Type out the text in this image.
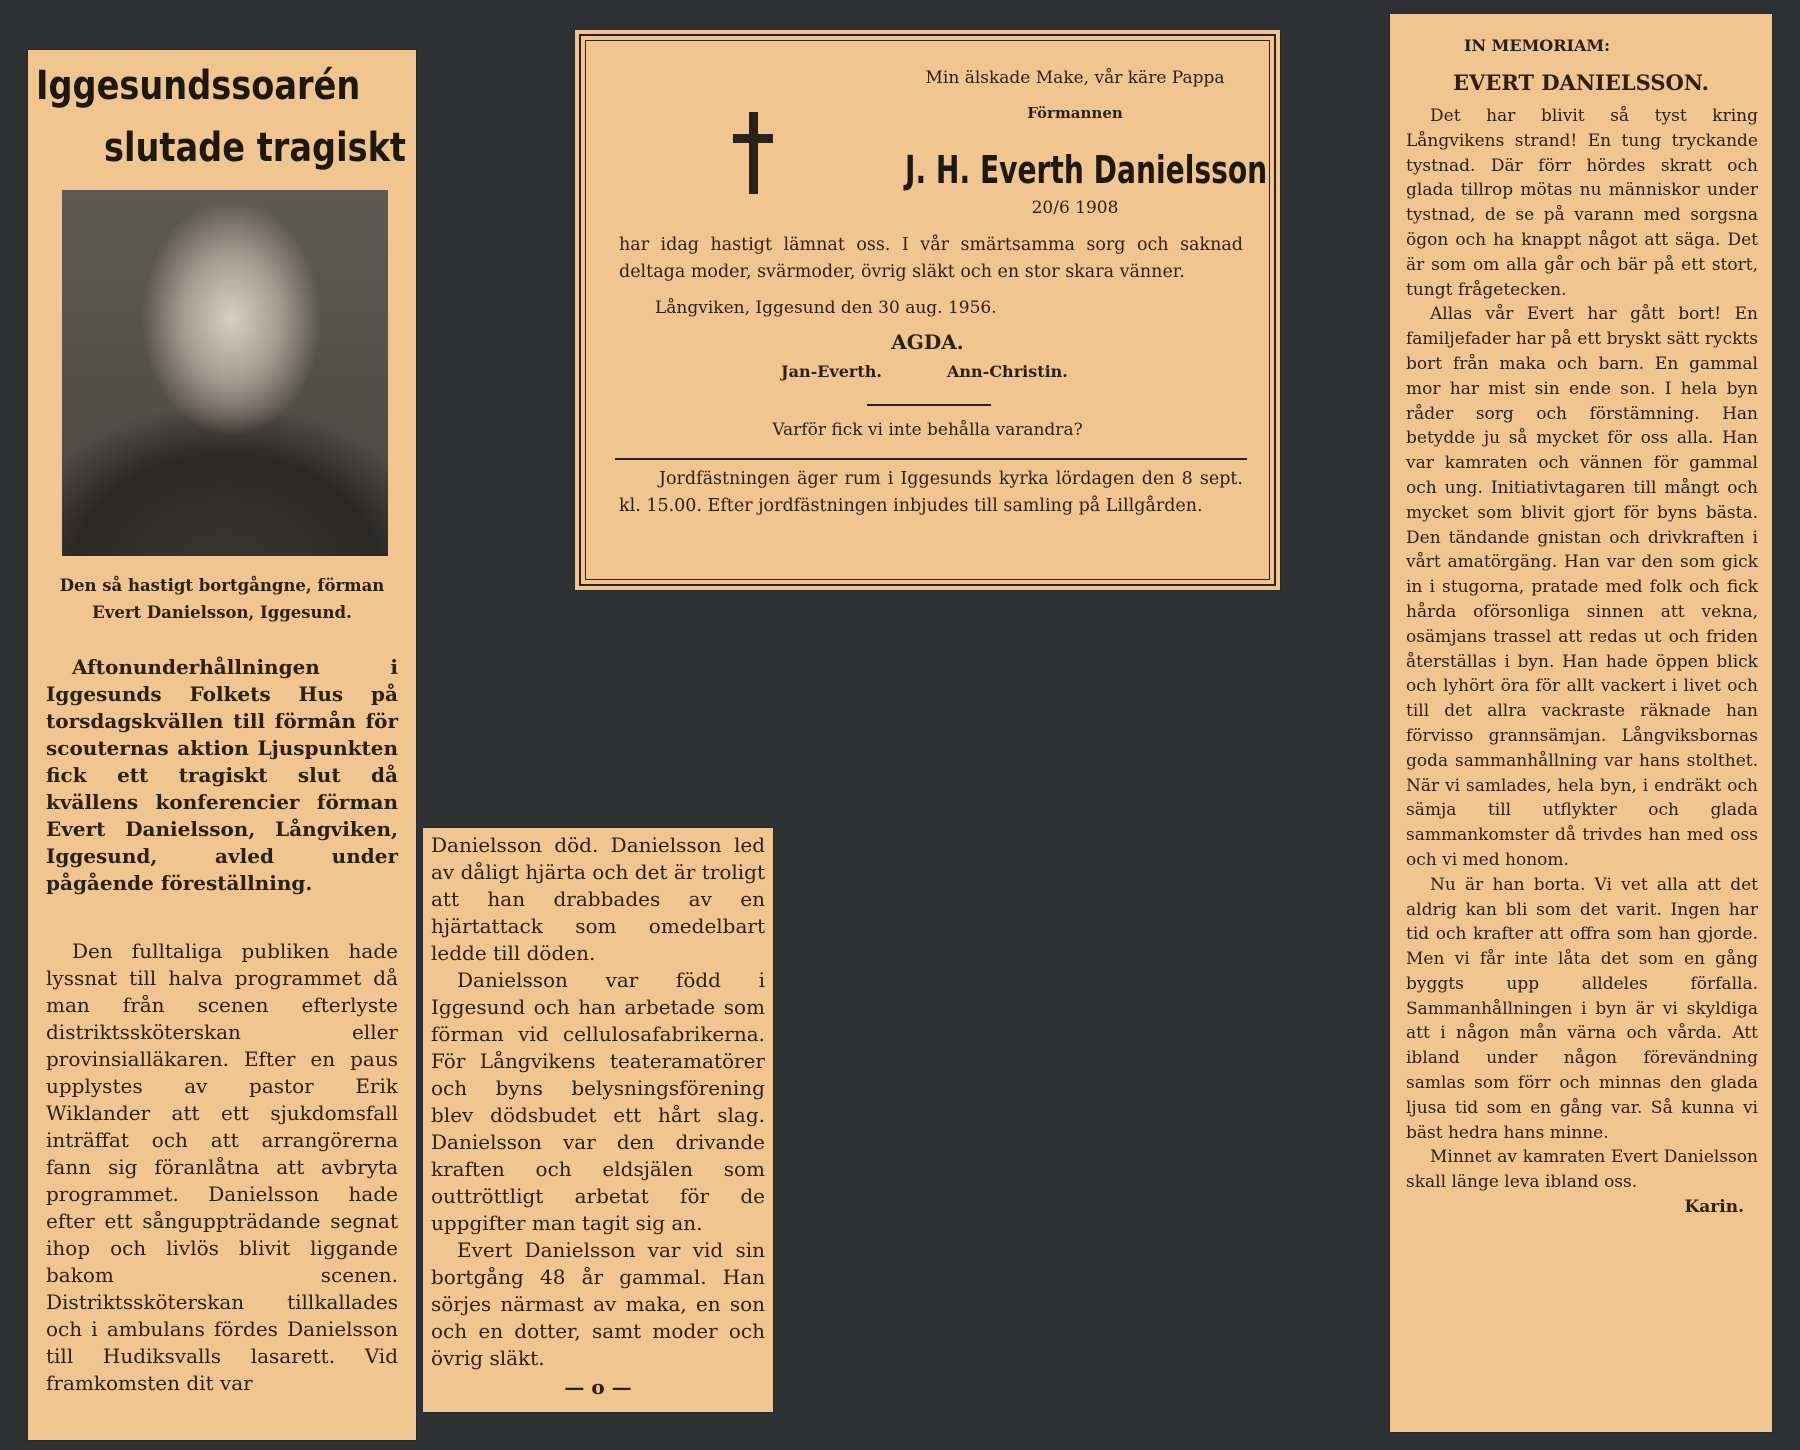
Iggesundssoarén
slutade tragiskt
Den så hastigt bortgångne, förman
Evert Danielsson, Iggesund.
Aftonunderhållningen i Iggesunds Folkets Hus på torsdagskvällen till förmån för scouternas aktion Ljuspunkten fick ett tragiskt slut då kvällens konferencier förman Evert Danielsson, Långviken, Iggesund, avled under pågående föreställning.

Den fulltaliga publiken hade lyssnat till halva programmet då man från scenen efterlyste distriktssköterskan eller provinsialläkaren. Efter en paus upplystes av pastor Erik Wiklander att ett sjukdomsfall inträffat och att arrangörerna fann sig föranlåtna att avbryta programmet. Danielsson hade efter ett sånguppträdande segnat ihop och livlös blivit liggande bakom scenen. Distriktssköterskan tillkallades och i ambulans fördes Danielsson till Hudiksvalls lasarett. Vid framkomsten dit var

Min älskade Make, vår käre Pappa
Förmannen
J. H. Everth Danielsson
20/6 1908
har idag hastigt lämnat oss. I vår smärtsamma sorg och saknad deltaga moder, svärmoder, övrig släkt och en stor skara vänner.
Långviken, Iggesund den 30 aug. 1956.
AGDA.
Jan-Everth.	Ann-Christin.
Varför fick vi inte behålla varandra?
Jordfästningen äger rum i Iggesunds kyrka lördagen den 8 sept. kl. 15.00. Efter jordfästningen inbjudes till samling på Lillgården.

Danielsson död. Danielsson led av dåligt hjärta och det är troligt att han drabbades av en hjärtattack som omedelbart ledde till döden.

Danielsson var född i Iggesund och han arbetade som förman vid cellulosafabrikerna. För Långvikens teateramatörer och byns belysningsförening blev dödsbudet ett hårt slag. Danielsson var den drivande kraften och eldsjälen som outtröttligt arbetat för de uppgifter man tagit sig an.

Evert Danielsson var vid sin bortgång 48 år gammal. Han sörjes närmast av maka, en son och en dotter, samt moder och övrig släkt.

— o —
IN MEMORIAM:
EVERT DANIELSSON.

Det har blivit så tyst kring Långvikens strand! En tung tryckande tystnad. Där förr hördes skratt och glada tillrop mötas nu människor under tystnad, de se på varann med sorgsna ögon och ha knappt något att säga. Det är som om alla går och bär på ett stort, tungt frågetecken.

Allas vår Evert har gått bort! En familjefader har på ett bryskt sätt ryckts bort från maka och barn. En gammal mor har mist sin ende son. I hela byn råder sorg och förstämning. Han betydde ju så mycket för oss alla. Han var kamraten och vännen för gammal och ung. Initiativtagaren till mångt och mycket som blivit gjort för byns bästa. Den tändande gnistan och drivkraften i vårt amatörgäng. Han var den som gick in i stugorna, pratade med folk och fick hårda oförsonliga sinnen att vekna, osämjans trassel att redas ut och friden återställas i byn. Han hade öppen blick och lyhört öra för allt vackert i livet och till det allra vackraste räknade han förvisso grannsämjan. Långviksbornas goda sammanhållning var hans stolthet. När vi samlades, hela byn, i endräkt och sämja till utflykter och glada sammankomster då trivdes han med oss och vi med honom.

Nu är han borta. Vi vet alla att det aldrig kan bli som det varit. Ingen har tid och krafter att offra som han gjorde. Men vi får inte låta det som en gång byggts upp alldeles förfalla. Sammanhållningen i byn är vi skyldiga att i någon mån värna och vårda. Att ibland under någon förevändning samlas som förr och minnas den glada ljusa tid som en gång var. Så kunna vi bäst hedra hans minne.

Minnet av kamraten Evert Danielsson skall länge leva ibland oss.

Karin.
